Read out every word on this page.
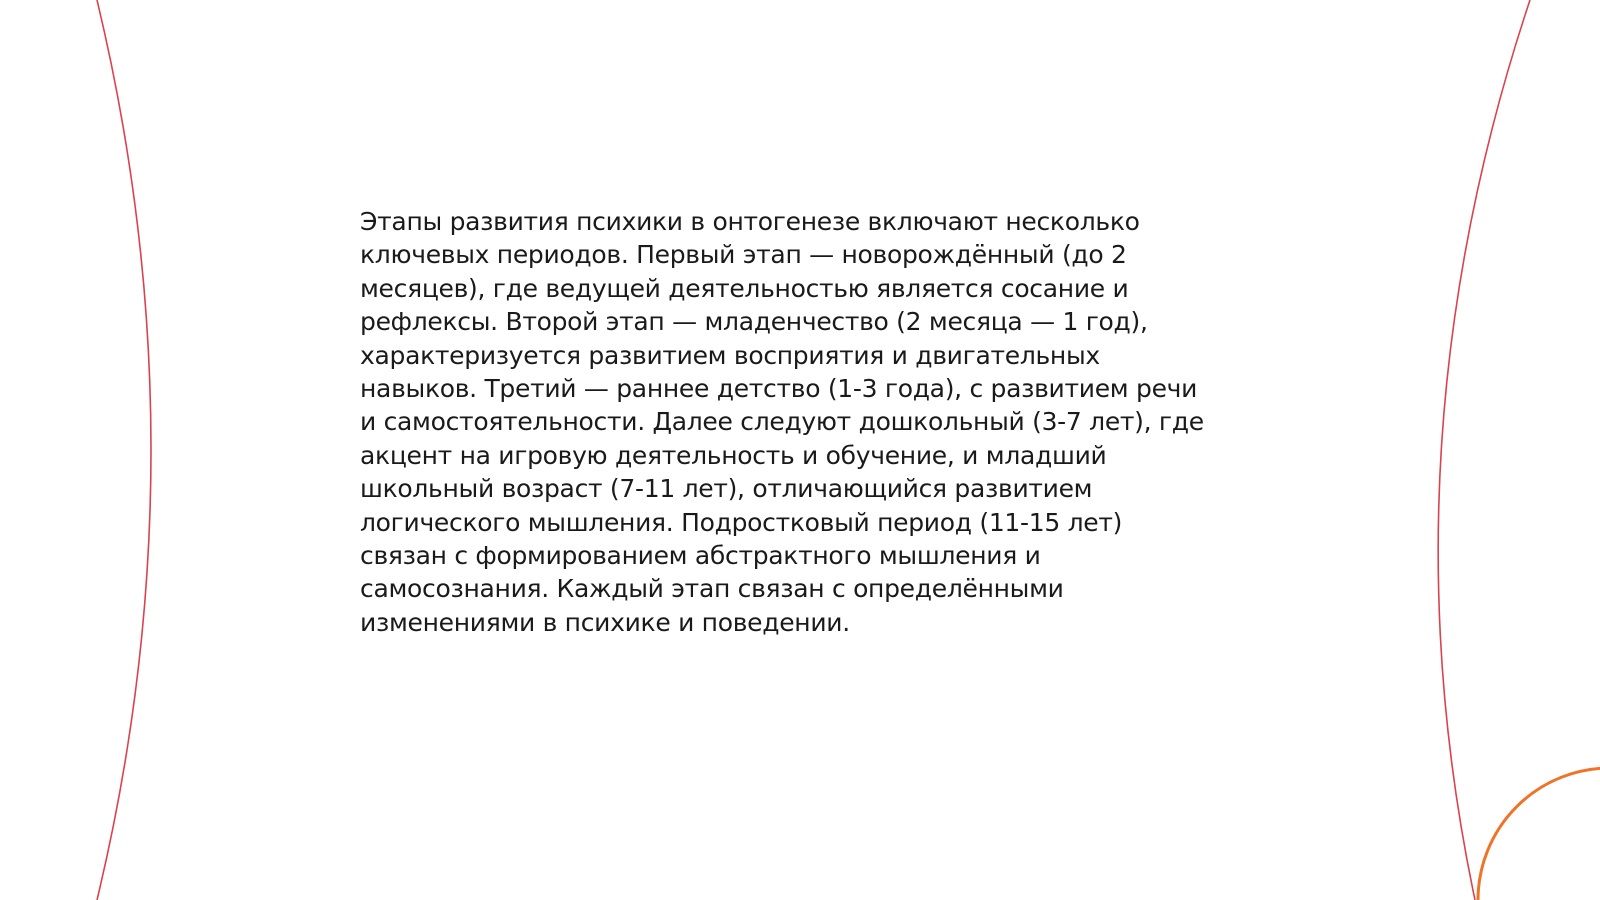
Этапы развития психики в онтогенезе включают несколько
ключевых периодов. Первый этап — новорождённый (до 2
месяцев), где ведущей деятельностью является сосание и
рефлексы. Второй этап — младенчество (2 месяца — 1 год),
характеризуется развитием восприятия и двигательных
навыков. Третий — раннее детство (1-3 года), с развитием речи
и самостоятельности. Далее следуют дошкольный (3-7 лет), где
акцент на игровую деятельность и обучение, и младший
школьный возраст (7-11 лет), отличающийся развитием
логического мышления. Подростковый период (11-15 лет)
связан с формированием абстрактного мышления и
самосознания. Каждый этап связан с определёнными
изменениями в психике и поведении.
